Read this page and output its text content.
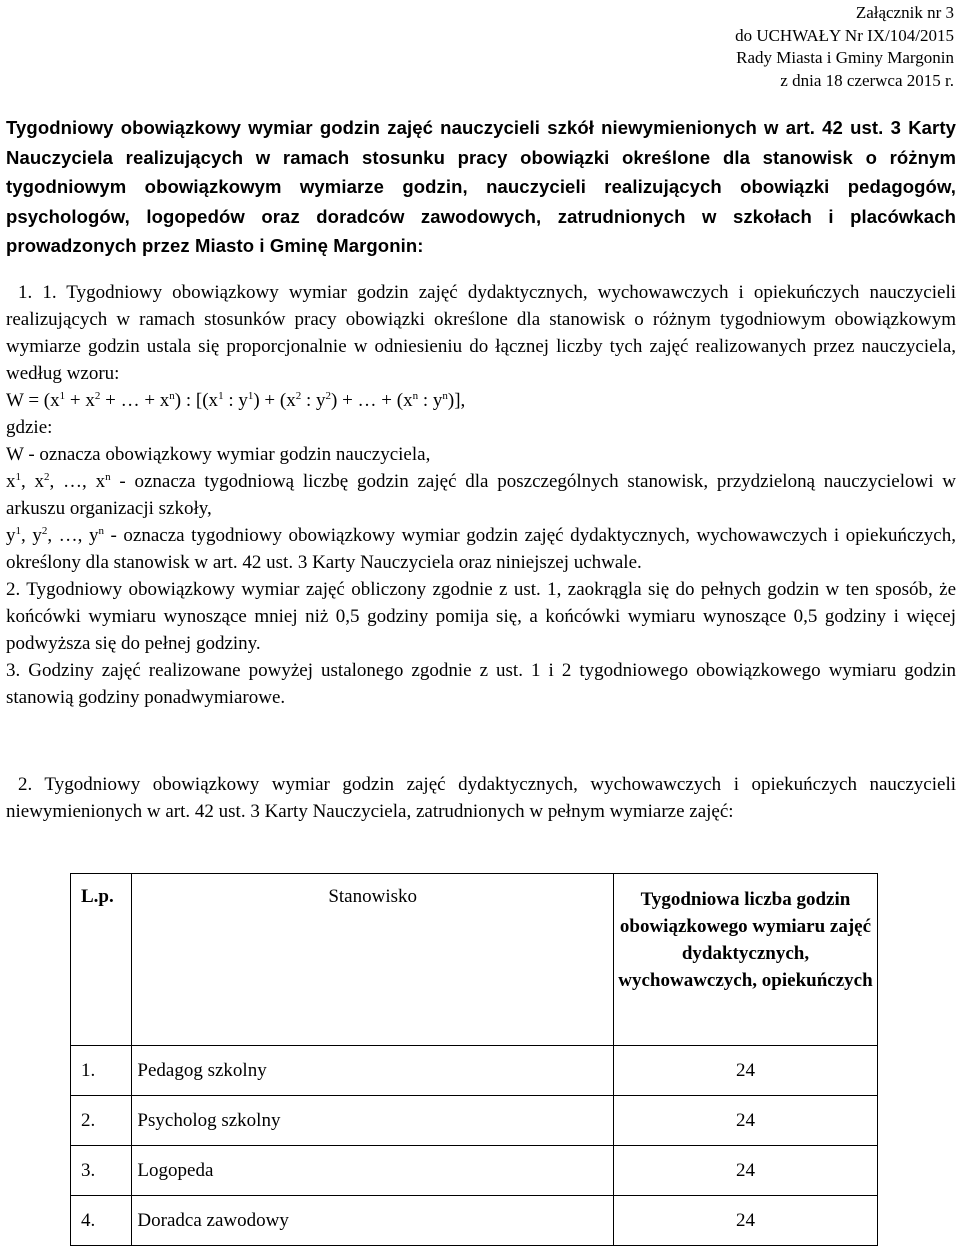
Załącznik nr 3
do UCHWAŁY Nr IX/104/2015
Rady Miasta i Gminy Margonin
z dnia 18 czerwca 2015 r.
Tygodniowy obowiązkowy wymiar godzin zajęć nauczycieli szkół niewymienionych w art. 42 ust. 3 Karty Nauczyciela realizujących w ramach stosunku pracy obowiązki określone dla stanowisk o różnym tygodniowym obowiązkowym wymiarze godzin, nauczycieli realizujących obowiązki pedagogów, psychologów, logopedów oraz doradców zawodowych, zatrudnionych w szkołach i placówkach prowadzonych przez Miasto i Gminę Margonin:

1. 1. Tygodniowy obowiązkowy wymiar godzin zajęć dydaktycznych, wychowawczych i opiekuńczych nauczycieli realizujących w ramach stosunków pracy obowiązki określone dla stanowisk o różnym tygodniowym obowiązkowym wymiarze godzin ustala się proporcjonalnie w odniesieniu do łącznej liczby tych zajęć realizowanych przez nauczyciela, według wzoru:

$W = (x^1 + x^2$ + … + $x^n$) : [($x^1$ : $y^1) + (x^2$ : $y^2$) + … + ($x^n$ : $y^n$)],

gdzie:

W - oznacza obowiązkowy wymiar godzin nauczyciela,

$x^1$, $x^2$, …, $x^n$ - oznacza tygodniową liczbę godzin zajęć dla poszczególnych stanowisk, przydzieloną nauczycielowi w arkuszu organizacji szkoły,

$y^1$, $y^2$, …, $y^n$ - oznacza tygodniowy obowiązkowy wymiar godzin zajęć dydaktycznych, wychowawczych i opiekuńczych, określony dla stanowisk w art. 42 ust. 3 Karty Nauczyciela oraz niniejszej uchwale.

2. Tygodniowy obowiązkowy wymiar zajęć obliczony zgodnie z ust. 1, zaokrągla się do pełnych godzin w ten sposób, że końcówki wymiaru wynoszące mniej niż 0,5 godziny pomija się, a końcówki wymiaru wynoszące 0,5 godziny i więcej podwyższa się do pełnej godziny.

3. Godziny zajęć realizowane powyżej ustalonego zgodnie z ust. 1 i 2 tygodniowego obowiązkowego wymiaru godzin stanowią godziny ponadwymiarowe.

2. Tygodniowy obowiązkowy wymiar godzin zajęć dydaktycznych, wychowawczych i opiekuńczych nauczycieli niewymienionych w art. 42 ust. 3 Karty Nauczyciela, zatrudnionych w pełnym wymiarze zajęć:

L.p.	Stanowisko	Tygodniowa liczba godzin obowiązkowego wymiaru zajęć dydaktycznych, wychowawczych, opiekuńczych

1.	Pedagog szkolny	24
2.	Psycholog szkolny	24
3.	Logopeda	24
4.	Doradca zawodowy	24
